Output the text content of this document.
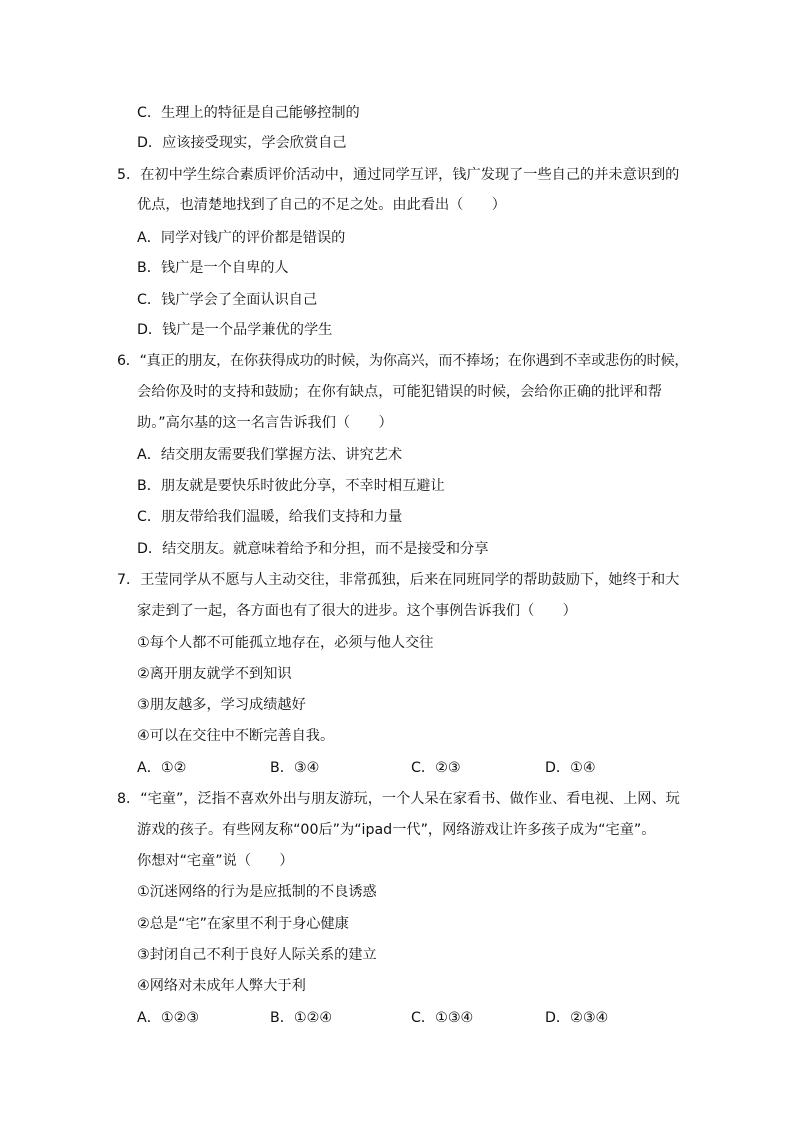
C．生理上的特征是自己能够控制的
D．应该接受现实，学会欣赏自己
5．在初中学生综合素质评价活动中，通过同学互评，钱广发现了一些自己的并未意识到的
优点，也清楚地找到了自己的不足之处。由此看出（　　）
A．同学对钱广的评价都是错误的
B．钱广是一个自卑的人
C．钱广学会了全面认识自己
D．钱广是一个品学兼优的学生
6．“真正的朋友，在你获得成功的时候，为你高兴，而不捧场；在你遇到不幸或悲伤的时候，
会给你及时的支持和鼓励；在你有缺点，可能犯错误的时候，会给你正确的批评和帮
助。”高尔基的这一名言告诉我们（　　）
A．结交朋友需要我们掌握方法、讲究艺术
B．朋友就是要快乐时彼此分享，不幸时相互避让
C．朋友带给我们温暖，给我们支持和力量
D．结交朋友。就意味着给予和分担，而不是接受和分享
7．王莹同学从不愿与人主动交往，非常孤独，后来在同班同学的帮助鼓励下，她终于和大
家走到了一起，各方面也有了很大的进步。这个事例告诉我们（　　）
①每个人都不可能孤立地存在，必须与他人交往
②离开朋友就学不到知识
③朋友越多，学习成绩越好
④可以在交往中不断完善自我。
A．①②	B．③④	C．②③	D．①④
8．“宅童”，泛指不喜欢外出与朋友游玩，一个人呆在家看书、做作业、看电视、上网、玩
游戏的孩子。有些网友称“00后”为“ipad一代”，网络游戏让许多孩子成为“宅童”。
你想对“宅童”说（　　）
①沉迷网络的行为是应抵制的不良诱惑
②总是“宅”在家里不利于身心健康
③封闭自己不利于良好人际关系的建立
④网络对未成年人弊大于利
A．①②③	B．①②④	C．①③④	D．②③④
